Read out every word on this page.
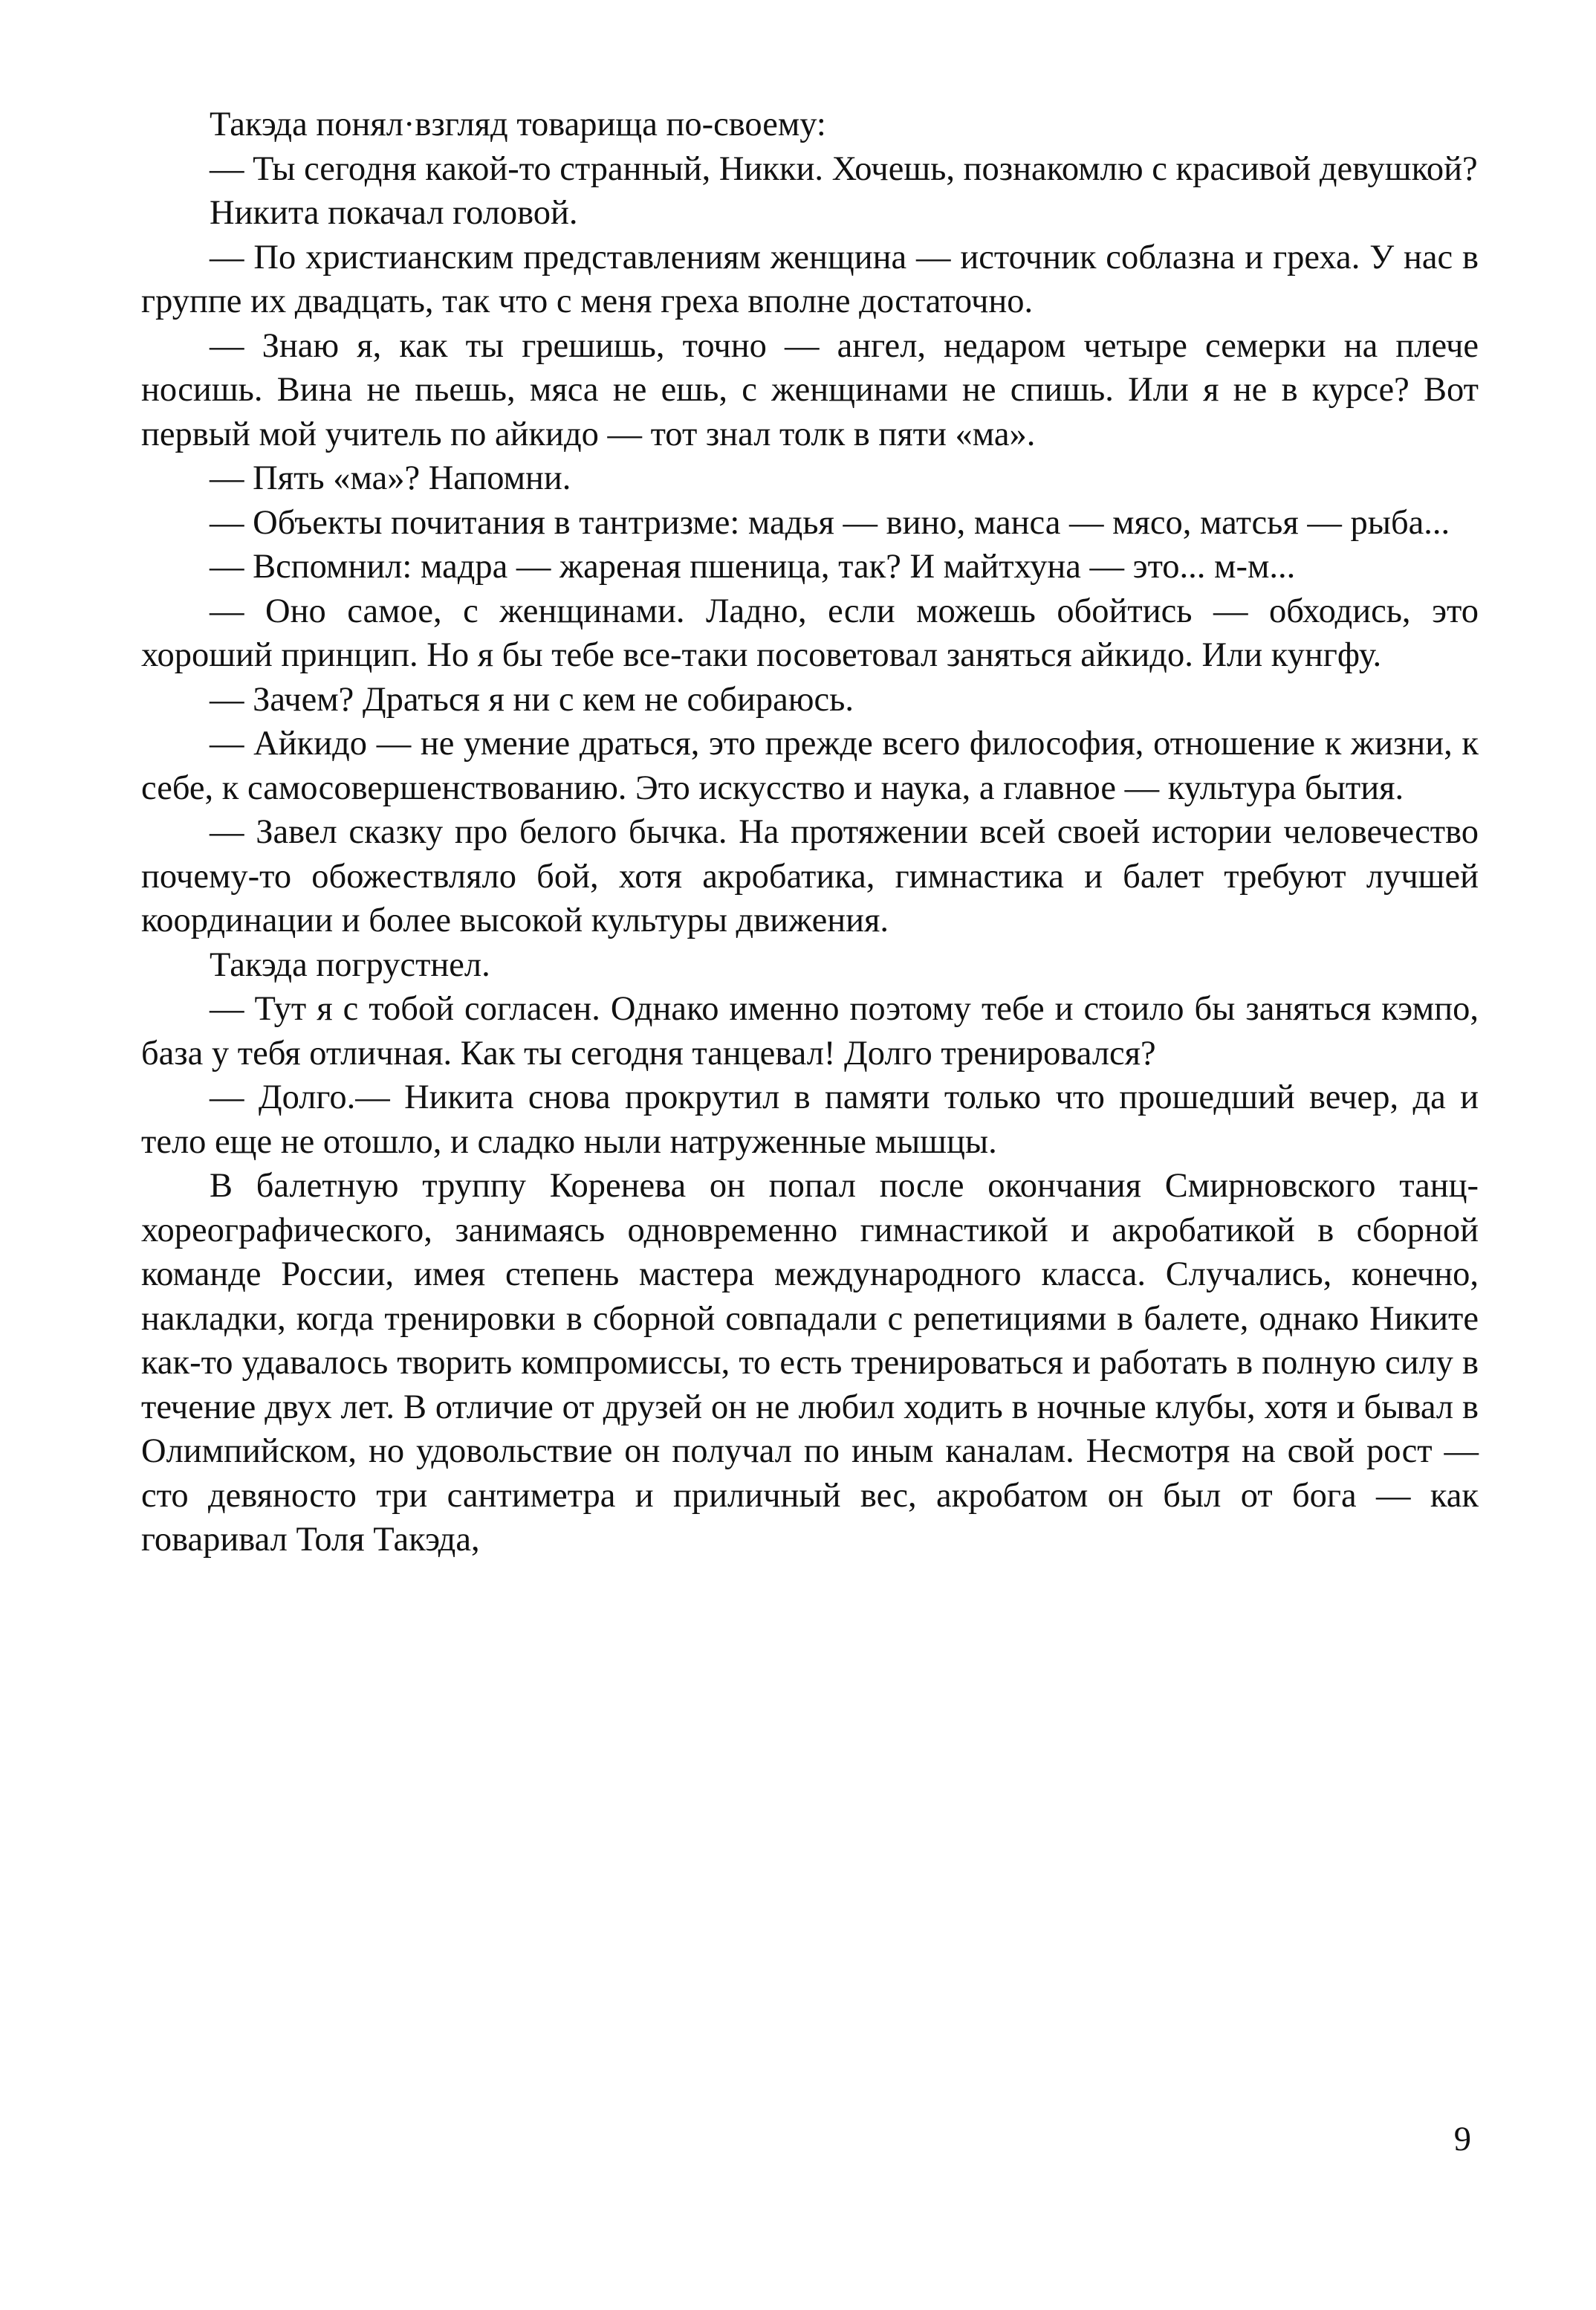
Такэда понял·взгляд товарища по-своему:

— Ты сегодня какой-то странный, Никки. Хочешь, познакомлю с красивой девушкой?

Никита покачал головой.

— По христианским представлениям женщина — источник соблазна и греха. У нас в группе их двадцать, так что с меня греха вполне достаточно.

— Знаю я, как ты грешишь, точно — ангел, недаром четыре семерки на плече носишь. Вина не пьешь, мяса не ешь, с женщинами не спишь. Или я не в курсе? Вот первый мой учитель по айкидо — тот знал толк в пяти «ма».

— Пять «ма»? Напомни.

— Объекты почитания в тантризме: мадья — вино, манса — мясо, матсья — рыба...

— Вспомнил: мадра — жареная пшеница, так? И майтхуна — это... м-м...

— Оно самое, с женщинами. Ладно, если можешь обойтись — обходись, это хороший принцип. Но я бы тебе все-таки посоветовал заняться айкидо. Или кунгфу.

— Зачем? Драться я ни с кем не собираюсь.

— Айкидо — не умение драться, это прежде всего философия, отношение к жизни, к себе, к самосовершенствованию. Это искусство и наука, а главное — культура бытия.

— Завел сказку про белого бычка. На протяжении всей своей истории человечество почему-то обожествляло бой, хотя акробатика, гимнастика и балет требуют лучшей координации и более высокой культуры движения.

Такэда погрустнел.

— Тут я с тобой согласен. Однако именно поэтому тебе и стоило бы заняться кэмпо, база у тебя отличная. Как ты сегодня танцевал! Долго тренировался?

— Долго.— Никита снова прокрутил в памяти только что прошедший вечер, да и тело еще не отошло, и сладко ныли натруженные мышцы.

В балетную труппу Коренева он попал после окончания Смирновского танц-хореографического, занимаясь одновременно гимнастикой и акробатикой в сборной команде России, имея степень мастера международного класса. Случались, конечно, накладки, когда тренировки в сборной совпадали с репетициями в балете, однако Никите как-то удавалось творить компромиссы, то есть тренироваться и работать в полную силу в течение двух лет. В отличие от друзей он не любил ходить в ночные клубы, хотя и бывал в Олимпийском, но удовольствие он получал по иным каналам. Несмотря на свой рост — сто девяносто три сантиметра и приличный вес, акробатом он был от бога — как говаривал Толя Такэда,

9
